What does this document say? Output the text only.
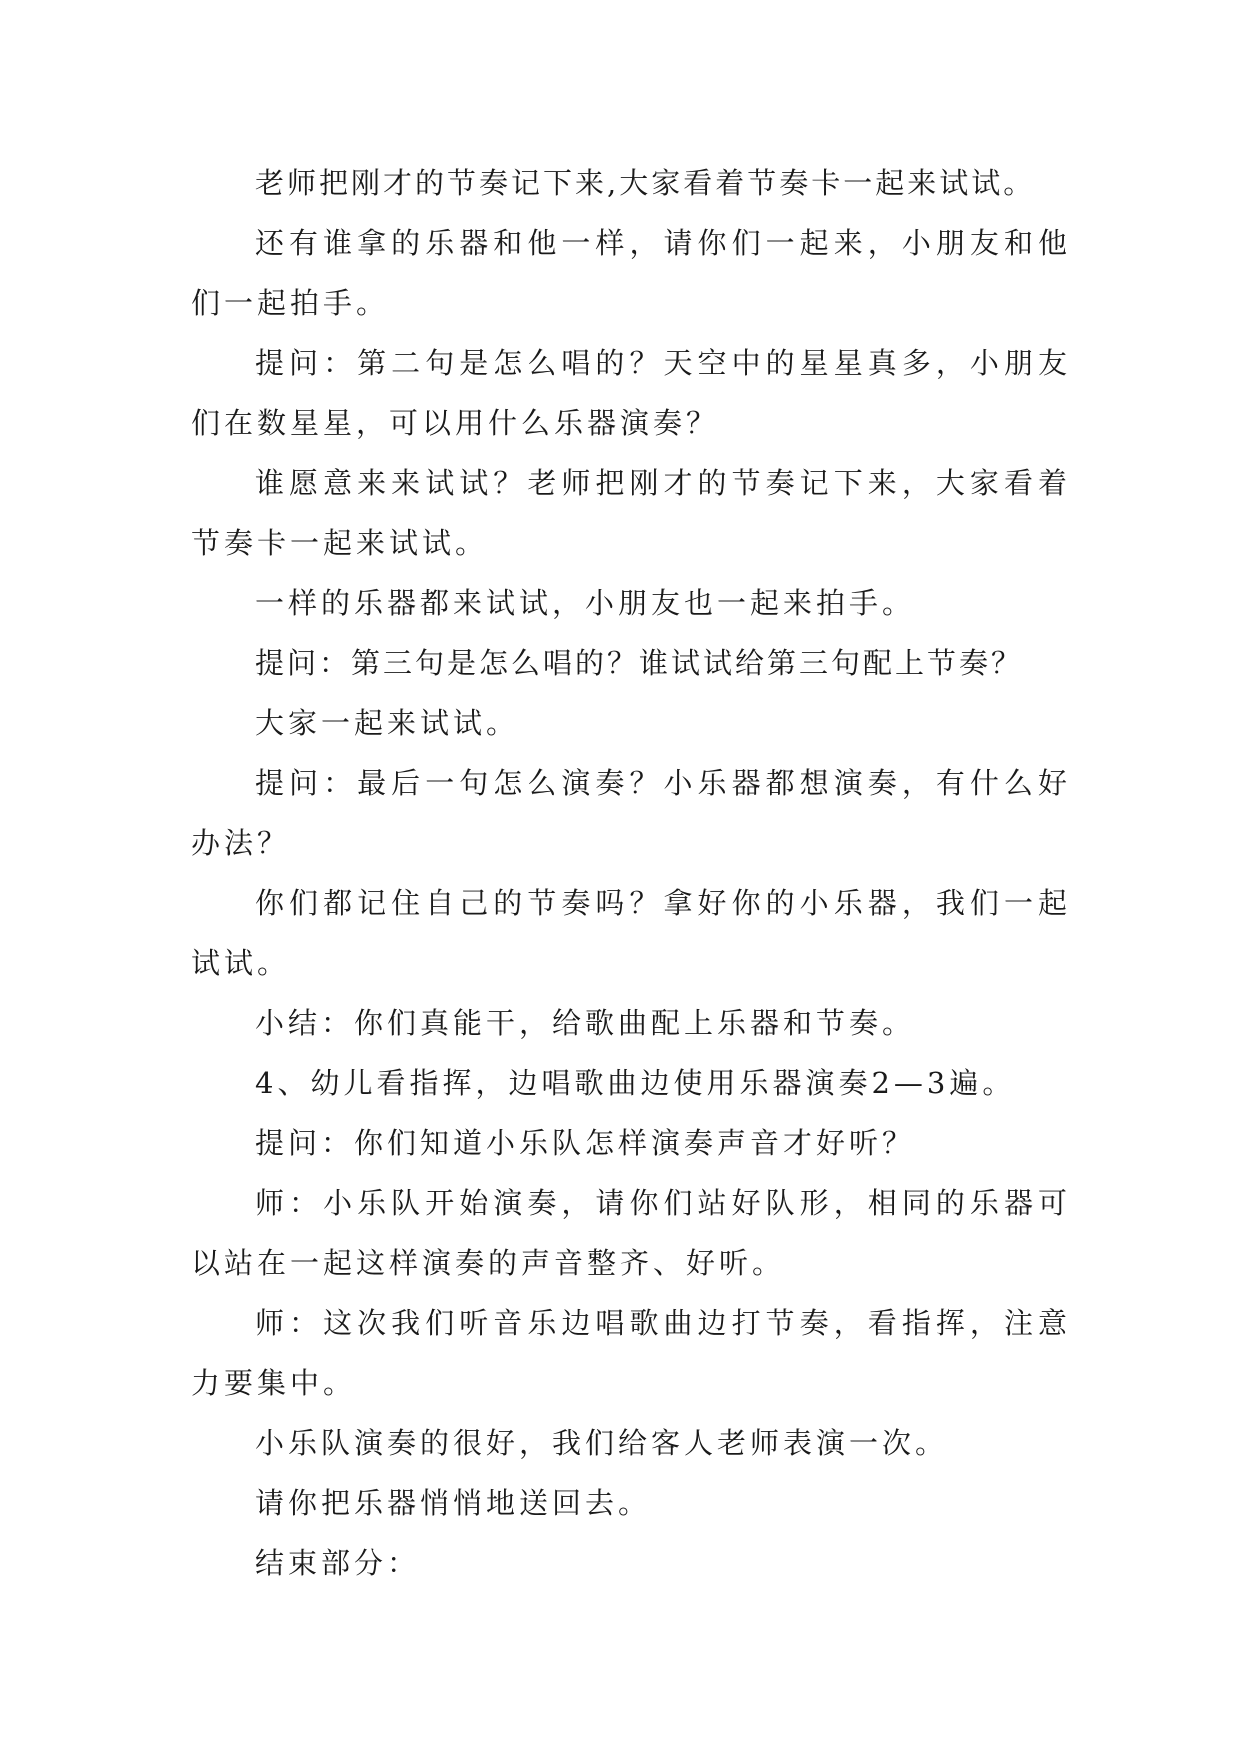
老师把刚才的节奏记下来,大家看着节奏卡一起来试试。

还有谁拿的乐器和他一样，请你们一起来，小朋友和他们一起拍手。

提问：第二句是怎么唱的？天空中的星星真多，小朋友们在数星星，可以用什么乐器演奏？

谁愿意来来试试？老师把刚才的节奏记下来，大家看着节奏卡一起来试试。

一样的乐器都来试试，小朋友也一起来拍手。

提问：第三句是怎么唱的？谁试试给第三句配上节奏？

大家一起来试试。

提问：最后一句怎么演奏？小乐器都想演奏，有什么好办法？

你们都记住自己的节奏吗？拿好你的小乐器，我们一起试试。

小结：你们真能干，给歌曲配上乐器和节奏。

4、幼儿看指挥，边唱歌曲边使用乐器演奏2—3遍。

提问：你们知道小乐队怎样演奏声音才好听？

师：小乐队开始演奏，请你们站好队形，相同的乐器可以站在一起这样演奏的声音整齐、好听。

师：这次我们听音乐边唱歌曲边打节奏，看指挥，注意力要集中。

小乐队演奏的很好，我们给客人老师表演一次。

请你把乐器悄悄地送回去。

结束部分：
